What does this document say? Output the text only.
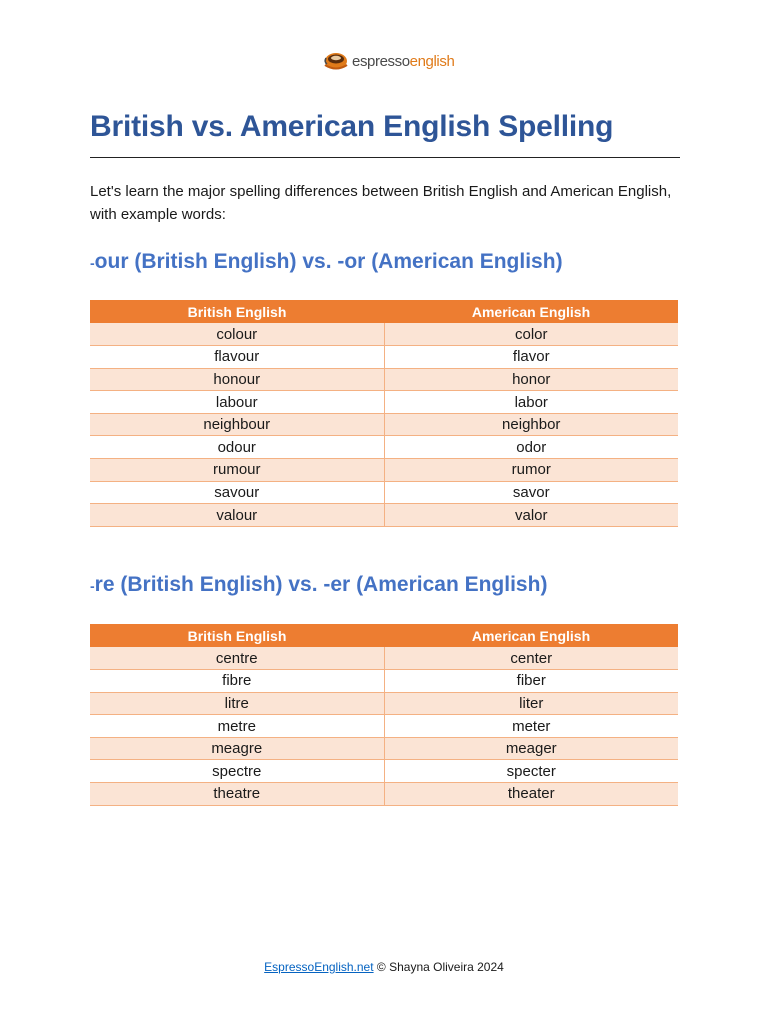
espressoenglish
British vs. American English Spelling

Let's learn the major spelling differences between British English and American English, with example words:

-our (British English) vs. -or (American English)
British English	American English
colour	color
flavour	flavor
honour	honor
labour	labor
neighbour	neighbor
odour	odor
rumour	rumor
savour	savor
valour	valor
-re (British English) vs. -er (American English)
British English	American English
centre	center
fibre	fiber
litre	liter
metre	meter
meagre	meager
spectre	specter
theatre	theater
EspressoEnglish.net © Shayna Oliveira 2024
